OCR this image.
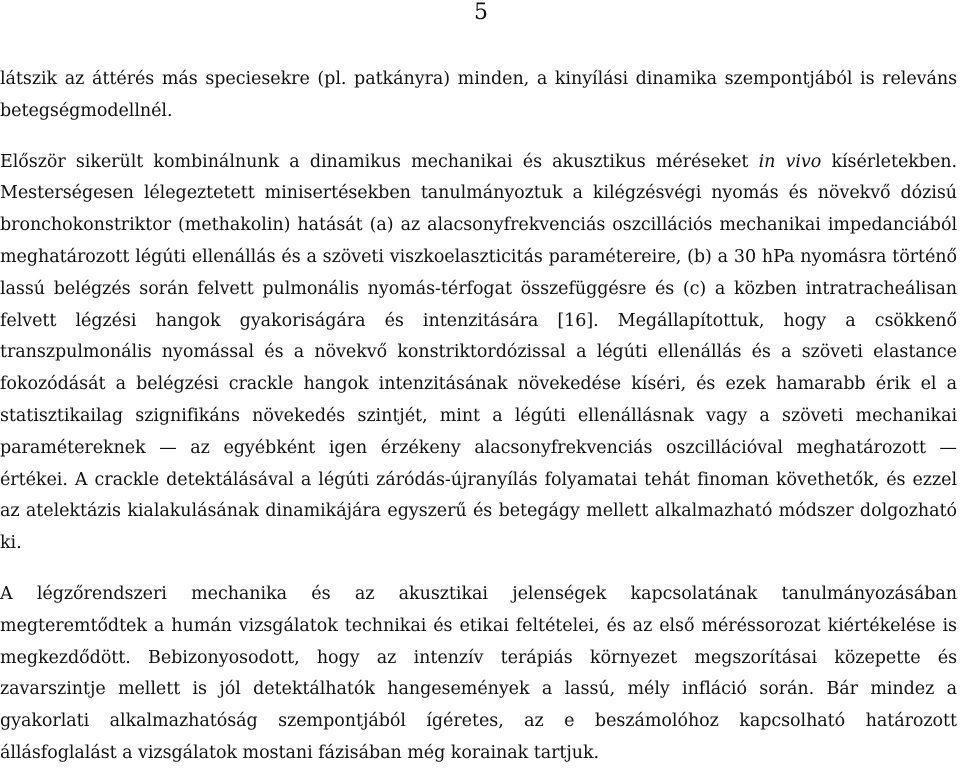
5

látszik az áttérés más speciesekre (pl. patkányra) minden, a kinyílási dinamika szempontjából is releváns betegségmodellnél.

Először sikerült kombinálnunk a dinamikus mechanikai és akusztikus méréseket in vivo kísérletekben. Mesterségesen lélegeztetett minisertésekben tanulmányoztuk a kilégzésvégi nyomás és növekvő dózisú bronchokonstriktor (methakolin) hatását (a) az alacsonyfrekvenciás oszcillációs mechanikai impedanciából meghatározott légúti ellenállás és a szöveti viszkoelaszticitás paramétereire, (b) a 30 hPa nyomásra történő lassú belégzés során felvett pulmonális nyomás-térfogat összefüggésre és (c) a közben intratracheálisan felvett légzési hangok gyakoriságára és intenzitására [16]. Megállapítottuk, hogy a csökkenő transzpulmonális nyomással és a növekvő konstriktordózissal a légúti ellenállás és a szöveti elastance fokozódását a belégzési crackle hangok intenzitásának növekedése kíséri, és ezek hamarabb érik el a statisztikailag szignifikáns növekedés szintjét, mint a légúti ellenállásnak vagy a szöveti mechanikai paramétereknek — az egyébként igen érzékeny alacsonyfrekvenciás oszcillációval meghatározott — értékei. A crackle detektálásával a légúti záródás-újranyílás folyamatai tehát finoman követhetők, és ezzel az atelektázis kialakulásának dinamikájára egyszerű és betegágy mellett alkalmazható módszer dolgozható ki.

A légzőrendszeri mechanika és az akusztikai jelenségek kapcsolatának tanulmányozásában megteremtődtek a humán vizsgálatok technikai és etikai feltételei, és az első méréssorozat kiértékelése is megkezdődött. Bebizonyosodott, hogy az intenzív terápiás környezet megszorításai közepette és zavarszintje mellett is jól detektálhatók hangesemények a lassú, mély infláció során. Bár mindez a gyakorlati alkalmazhatóság szempontjából ígéretes, az e beszámolóhoz kapcsolható határozott állásfoglalást a vizsgálatok mostani fázisában még korainak tartjuk.
